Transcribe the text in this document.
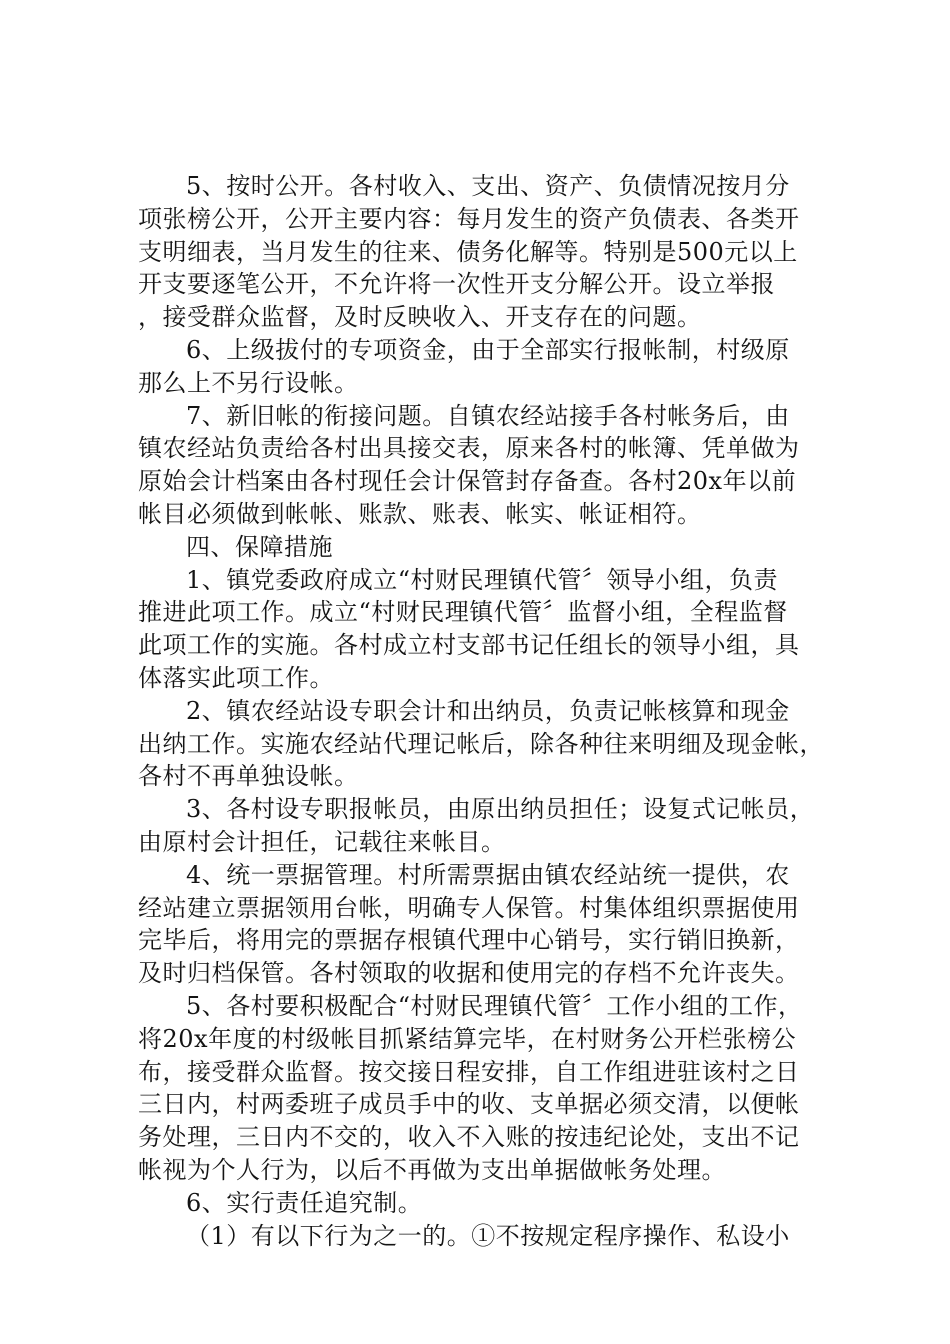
5、按时公开。各村收入、支出、资产、负债情况按月分
项张榜公开，公开主要内容：每月发生的资产负债表、各类开
支明细表，当月发生的往来、债务化解等。特别是500元以上
开支要逐笔公开，不允许将一次性开支分解公开。设立举报
，接受群众监督，及时反映收入、开支存在的问题。
6、上级拔付的专项资金，由于全部实行报帐制，村级原
那么上不另行设帐。
7、新旧帐的衔接问题。自镇农经站接手各村帐务后，由
镇农经站负责给各村出具接交表，原来各村的帐簿、凭单做为
原始会计档案由各村现任会计保管封存备查。各村20x年以前
帐目必须做到帐帐、账款、账表、帐实、帐证相符。
四、保障措施
1、镇党委政府成立“村财民理镇代管〞领导小组，负责
推进此项工作。成立“村财民理镇代管〞监督小组，全程监督
此项工作的实施。各村成立村支部书记任组长的领导小组，具
体落实此项工作。
2、镇农经站设专职会计和出纳员，负责记帐核算和现金
出纳工作。实施农经站代理记帐后，除各种往来明细及现金帐，
各村不再单独设帐。
3、各村设专职报帐员，由原出纳员担任；设复式记帐员，
由原村会计担任，记载往来帐目。
4、统一票据管理。村所需票据由镇农经站统一提供，农
经站建立票据领用台帐，明确专人保管。村集体组织票据使用
完毕后，将用完的票据存根镇代理中心销号，实行销旧换新，
及时归档保管。各村领取的收据和使用完的存档不允许丧失。
5、各村要积极配合“村财民理镇代管〞工作小组的工作，
将20x年度的村级帐目抓紧结算完毕，在村财务公开栏张榜公
布，接受群众监督。按交接日程安排，自工作组进驻该村之日
三日内，村两委班子成员手中的收、支单据必须交清，以便帐
务处理，三日内不交的，收入不入账的按违纪论处，支出不记
帐视为个人行为，以后不再做为支出单据做帐务处理。
6、实行责任追究制。
（1）有以下行为之一的。①不按规定程序操作、私设小
